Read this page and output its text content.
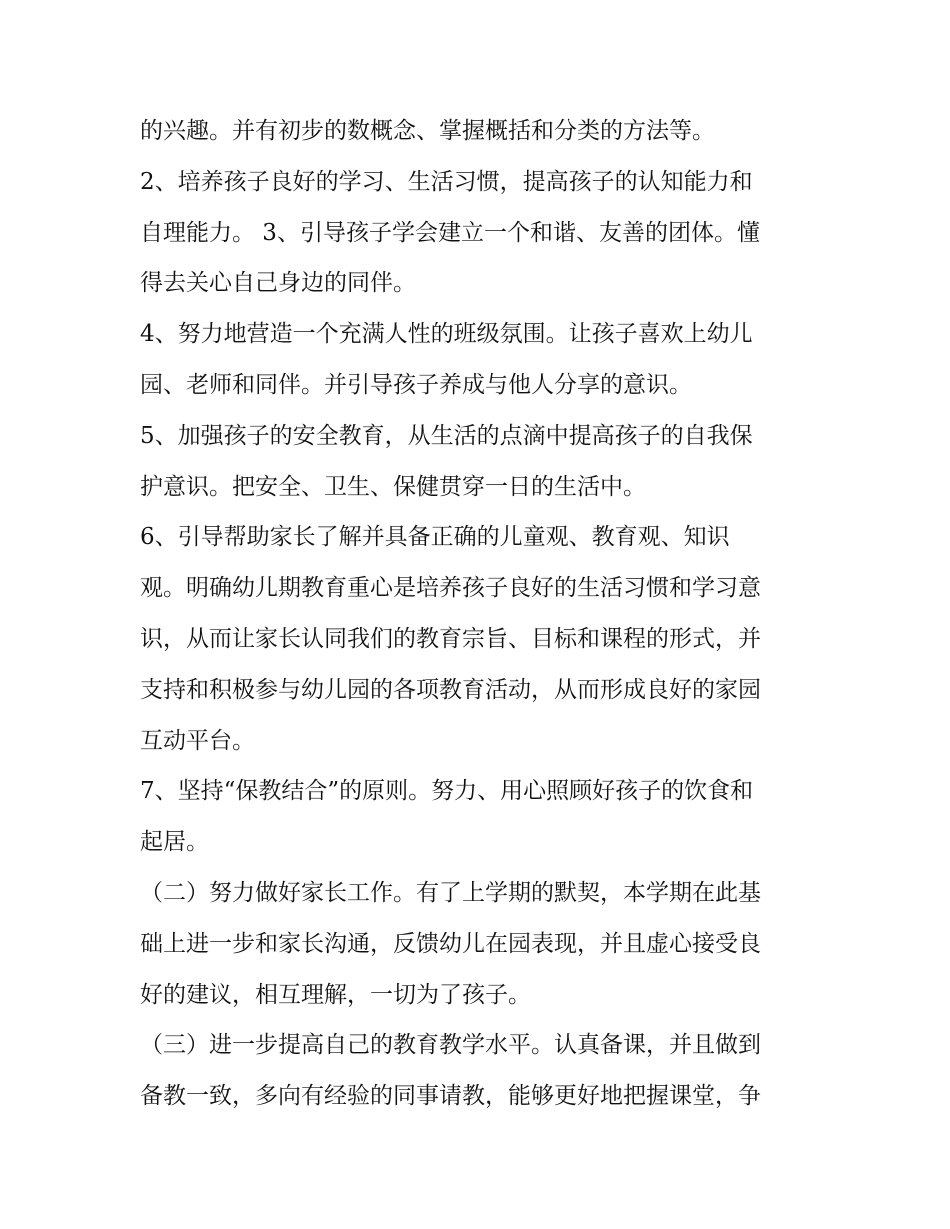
的兴趣。并有初步的数概念、掌握概括和分类的方法等。

2、培养孩子良好的学习、生活习惯，提高孩子的认知能力和

自理能力。 3、引导孩子学会建立一个和谐、友善的团体。懂

得去关心自己身边的同伴。

4、努力地营造一个充满人性的班级氛围。让孩子喜欢上幼儿

园、老师和同伴。并引导孩子养成与他人分享的意识。

5、加强孩子的安全教育，从生活的点滴中提高孩子的自我保

护意识。把安全、卫生、保健贯穿一日的生活中。

6、引导帮助家长了解并具备正确的儿童观、教育观、知识

观。明确幼儿期教育重心是培养孩子良好的生活习惯和学习意

识，从而让家长认同我们的教育宗旨、目标和课程的形式，并

支持和积极参与幼儿园的各项教育活动，从而形成良好的家园

互动平台。

7、坚持“保教结合”的原则。努力、用心照顾好孩子的饮食和

起居。

（二）努力做好家长工作。有了上学期的默契，本学期在此基

础上进一步和家长沟通，反馈幼儿在园表现，并且虚心接受良

好的建议，相互理解，一切为了孩子。

（三）进一步提高自己的教育教学水平。认真备课，并且做到

备教一致，多向有经验的同事请教，能够更好地把握课堂，争
